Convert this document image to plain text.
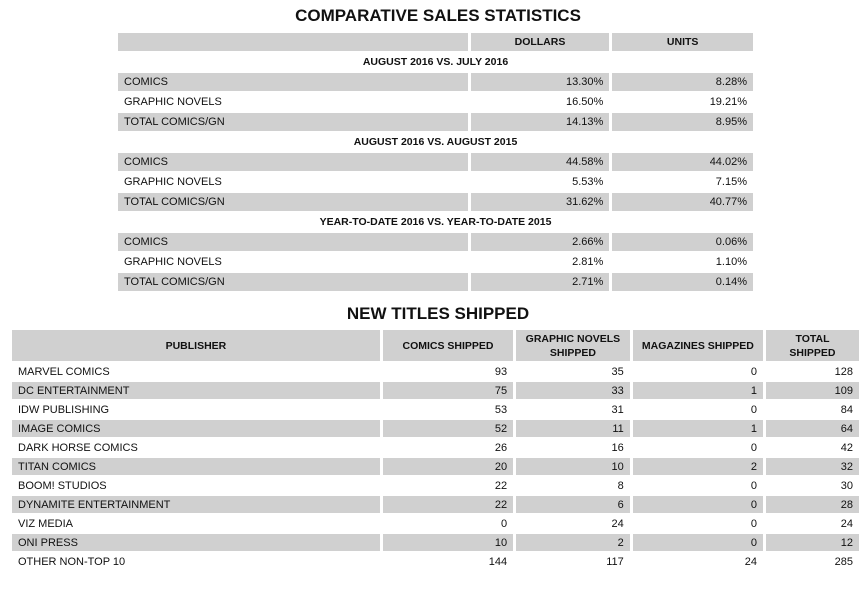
COMPARATIVE SALES STATISTICS
	DOLLARS	UNITS
AUGUST 2016 VS. JULY 2016		
COMICS	13.30%	8.28%
GRAPHIC NOVELS	16.50%	19.21%
TOTAL COMICS/GN	14.13%	8.95%
AUGUST 2016 VS. AUGUST 2015		
COMICS	44.58%	44.02%
GRAPHIC NOVELS	5.53%	7.15%
TOTAL COMICS/GN	31.62%	40.77%
YEAR-TO-DATE 2016 VS. YEAR-TO-DATE 2015		
COMICS	2.66%	0.06%
GRAPHIC NOVELS	2.81%	1.10%
TOTAL COMICS/GN	2.71%	0.14%
NEW TITLES SHIPPED
PUBLISHER	COMICS SHIPPED	GRAPHIC NOVELS SHIPPED	MAGAZINES SHIPPED	TOTAL SHIPPED
MARVEL COMICS	93	35	0	128
DC ENTERTAINMENT	75	33	1	109
IDW PUBLISHING	53	31	0	84
IMAGE COMICS	52	11	1	64
DARK HORSE COMICS	26	16	0	42
TITAN COMICS	20	10	2	32
BOOM! STUDIOS	22	8	0	30
DYNAMITE ENTERTAINMENT	22	6	0	28
VIZ MEDIA	0	24	0	24
ONI PRESS	10	2	0	12
OTHER NON-TOP 10	144	117	24	285
